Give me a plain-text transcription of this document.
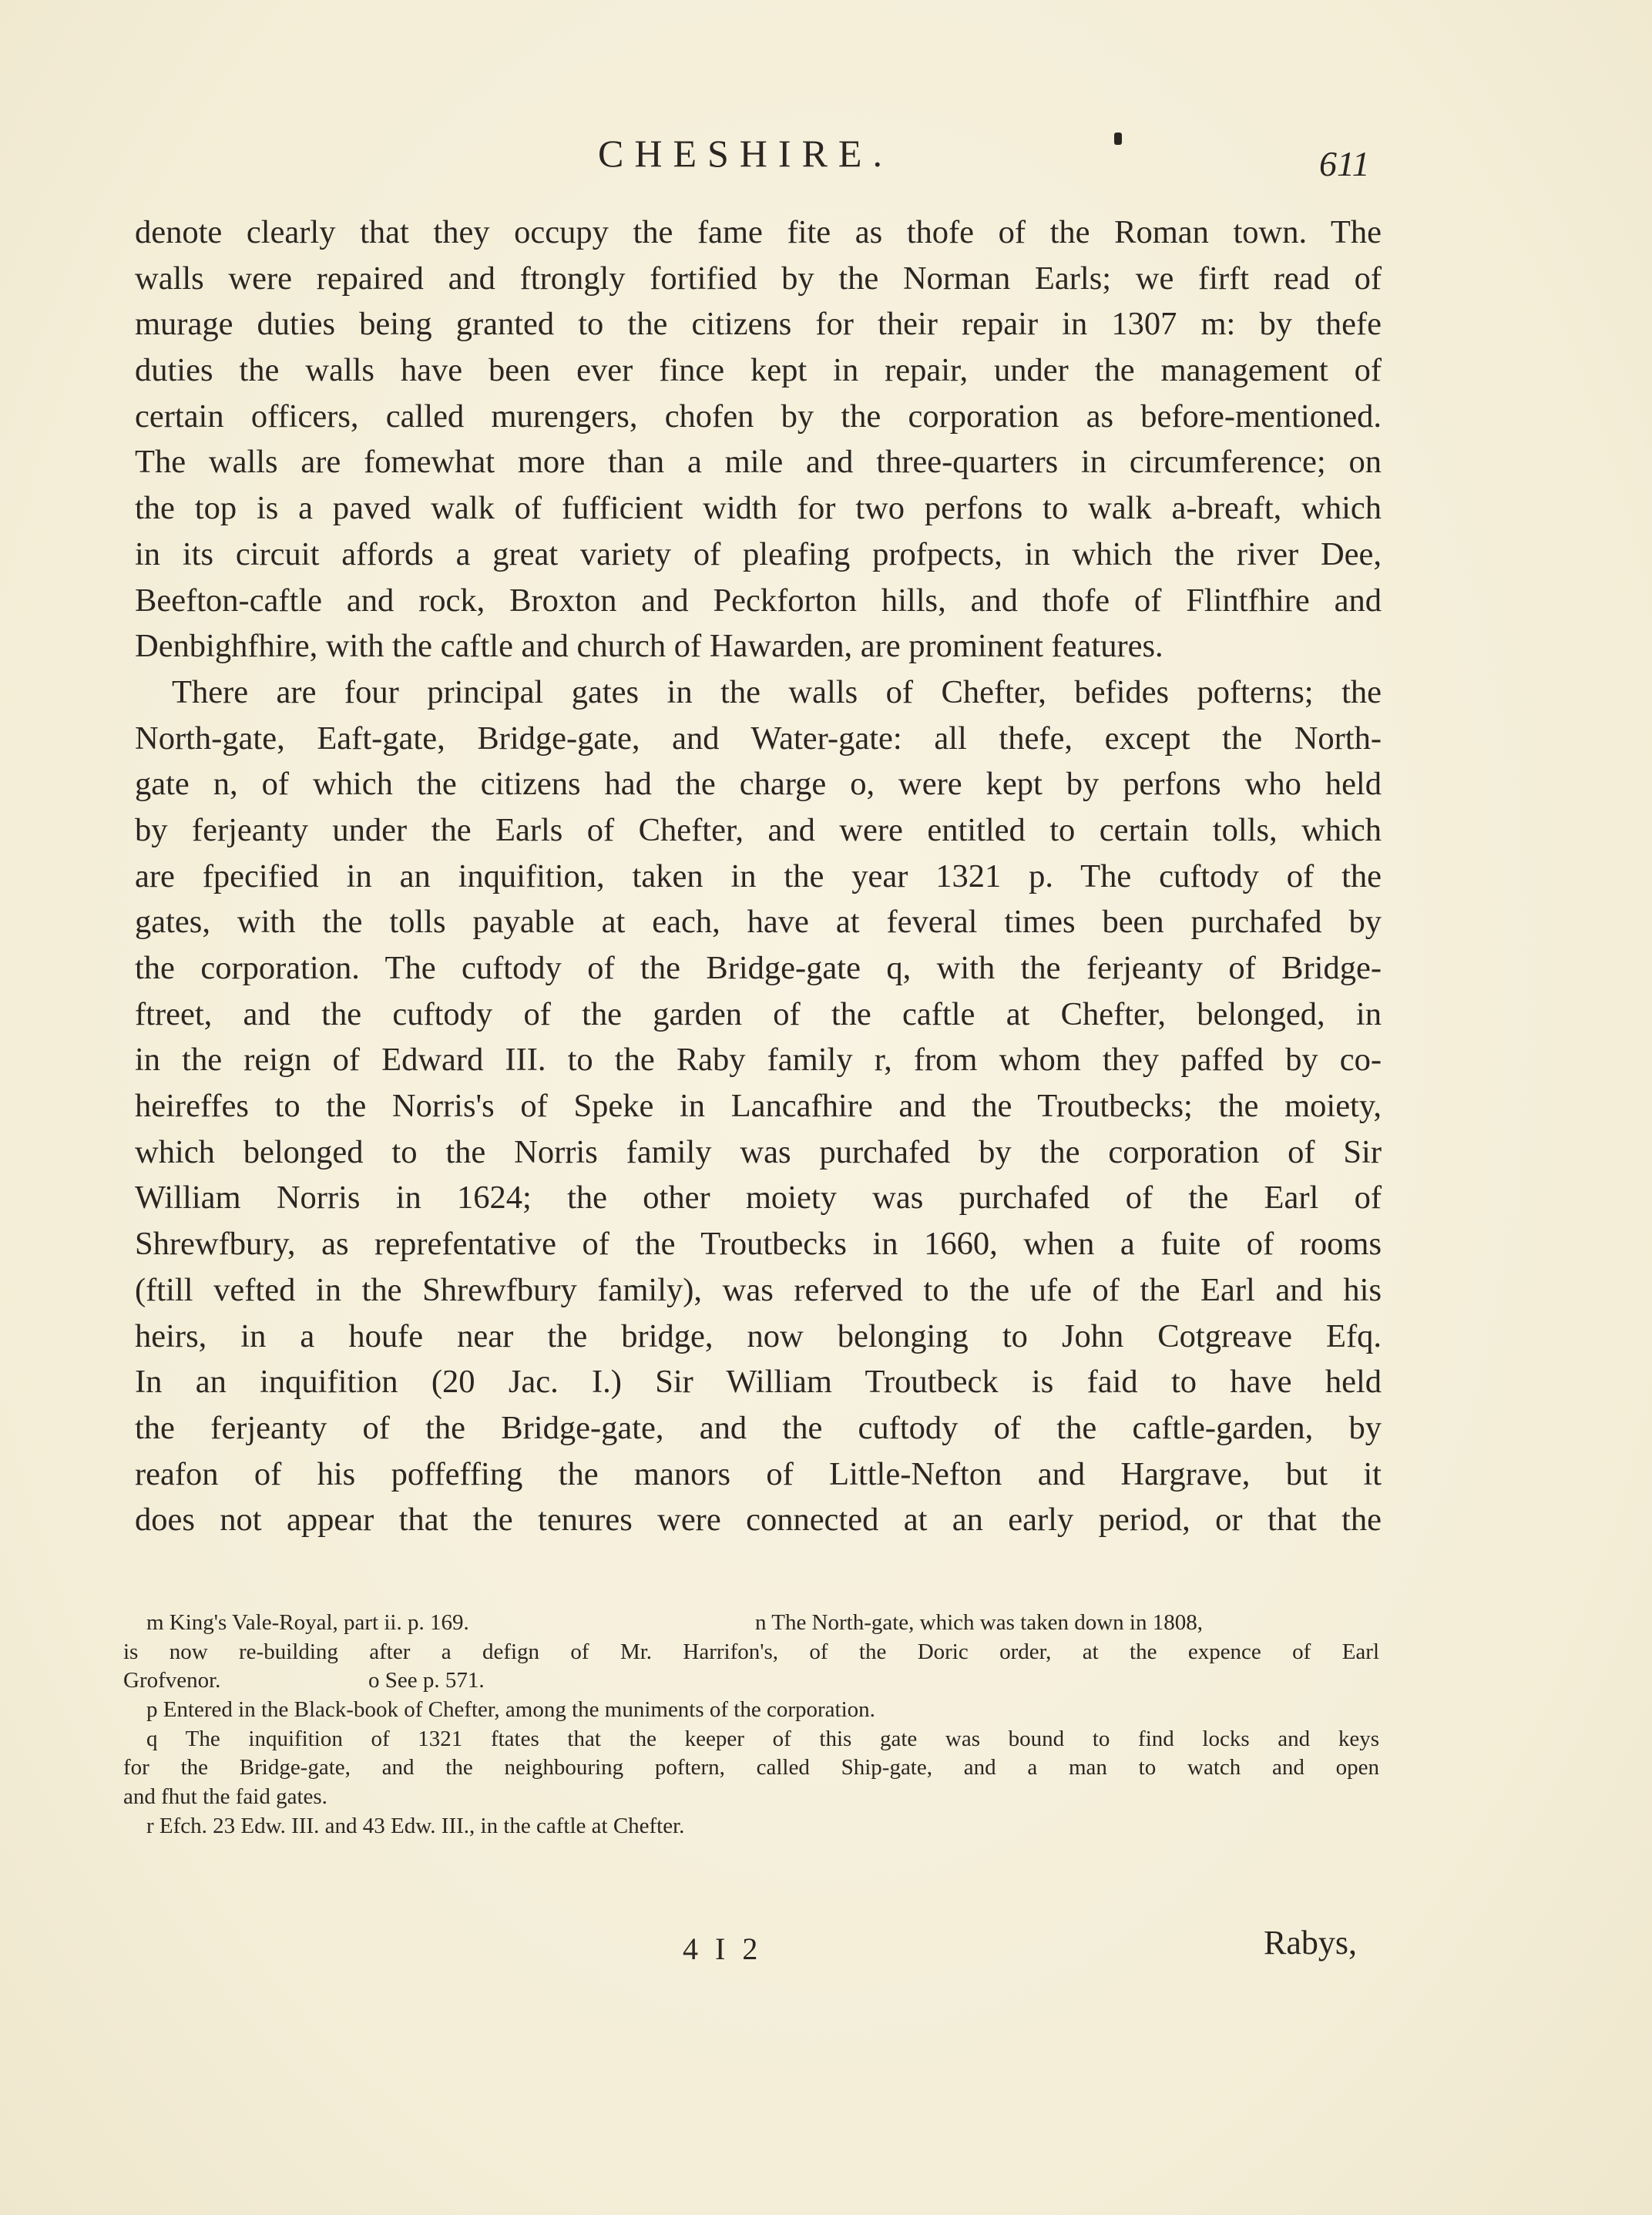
CHESHIRE.	611
denote clearly that they occupy the fame fite as thofe of the Roman town. The
walls were repaired and ftrongly fortified by the Norman Earls; we firft read of
murage duties being granted to the citizens for their repair in 1307 m: by thefe
duties the walls have been ever fince kept in repair, under the management of
certain officers, called murengers, chofen by the corporation as before-mentioned.
The walls are fomewhat more than a mile and three-quarters in circumference; on
the top is a paved walk of fufficient width for two perfons to walk a-breaft, which
in its circuit affords a great variety of pleafing profpects, in which the river Dee,
Beefton-caftle and rock, Broxton and Peckforton hills, and thofe of Flintfhire and
Denbighfhire, with the caftle and church of Hawarden, are prominent features.
There are four principal gates in the walls of Chefter, befides pofterns; the
North-gate, Eaft-gate, Bridge-gate, and Water-gate: all thefe, except the North-
gate n, of which the citizens had the charge o, were kept by perfons who held
by ferjeanty under the Earls of Chefter, and were entitled to certain tolls, which
are fpecified in an inquifition, taken in the year 1321 p. The cuftody of the
gates, with the tolls payable at each, have at feveral times been purchafed by
the corporation. The cuftody of the Bridge-gate q, with the ferjeanty of Bridge-
ftreet, and the cuftody of the garden of the caftle at Chefter, belonged, in
in the reign of Edward III. to the Raby family r, from whom they paffed by co-
heireffes to the Norris's of Speke in Lancafhire and the Troutbecks; the moiety,
which belonged to the Norris family was purchafed by the corporation of Sir
William Norris in 1624; the other moiety was purchafed of the Earl of
Shrewfbury, as reprefentative of the Troutbecks in 1660, when a fuite of rooms
(ftill vefted in the Shrewfbury family), was referved to the ufe of the Earl and his
heirs, in a houfe near the bridge, now belonging to John Cotgreave Efq.
In an inquifition (20 Jac. I.) Sir William Troutbeck is faid to have held
the ferjeanty of the Bridge-gate, and the cuftody of the caftle-garden, by
reafon of his poffeffing the manors of Little-Nefton and Hargrave, but it
does not appear that the tenures were connected at an early period, or that the
m King's Vale-Royal, part ii. p. 169.	n The North-gate, which was taken down in 1808,
is now re-building after a defign of Mr. Harrifon's, of the Doric order, at the expence of Earl
Grofvenor.	o See p. 571.
p Entered in the Black-book of Chefter, among the muniments of the corporation.
q The inquifition of 1321 ftates that the keeper of this gate was bound to find locks and keys
for the Bridge-gate, and the neighbouring poftern, called Ship-gate, and a man to watch and open
and fhut the faid gates.
r Efch. 23 Edw. III. and 43 Edw. III., in the caftle at Chefter.
4 I 2	Rabys,
